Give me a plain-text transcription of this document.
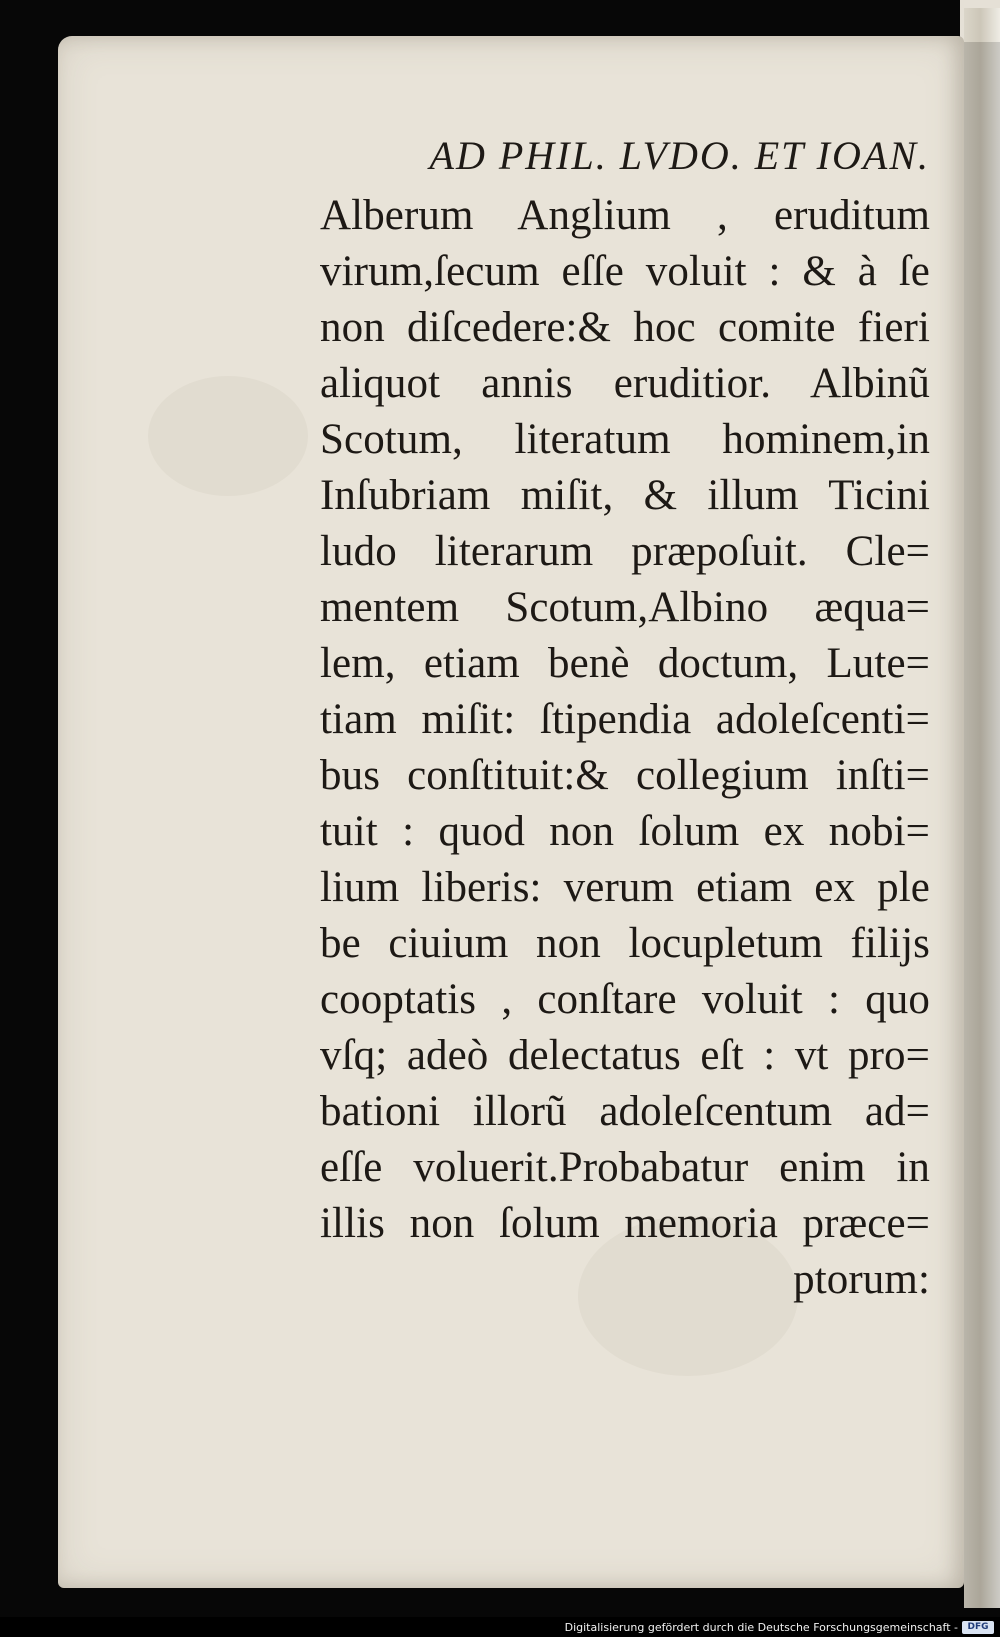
AD PHIL. LVDO. ET IOAN.
Alberum Anglium , eruditum
virum,ſecum eſſe voluit : & à ſe
non diſcedere:& hoc comite fieri
aliquot annis eruditior. Albinũ
Scotum, literatum hominem,in
Inſubriam miſit, & illum Ticini
ludo literarum præpoſuit. Cle=
mentem Scotum,Albino æqua=
lem, etiam benè doctum, Lute=
tiam miſit: ſtipendia adoleſcenti=
bus conſtituit:& collegium inſti=
tuit : quod non ſolum ex nobi=
lium liberis: verum etiam ex ple
be ciuium non locupletum filijs
cooptatis , conſtare voluit : quo
vſq; adeò delectatus eſt : vt pro=
bationi illorũ adoleſcentum ad=
eſſe voluerit.Probabatur enim in
illis non ſolum memoria præce=
ptorum:
Digitalisierung gefördert durch die Deutsche Forschungsgemeinschaft -	DFG
